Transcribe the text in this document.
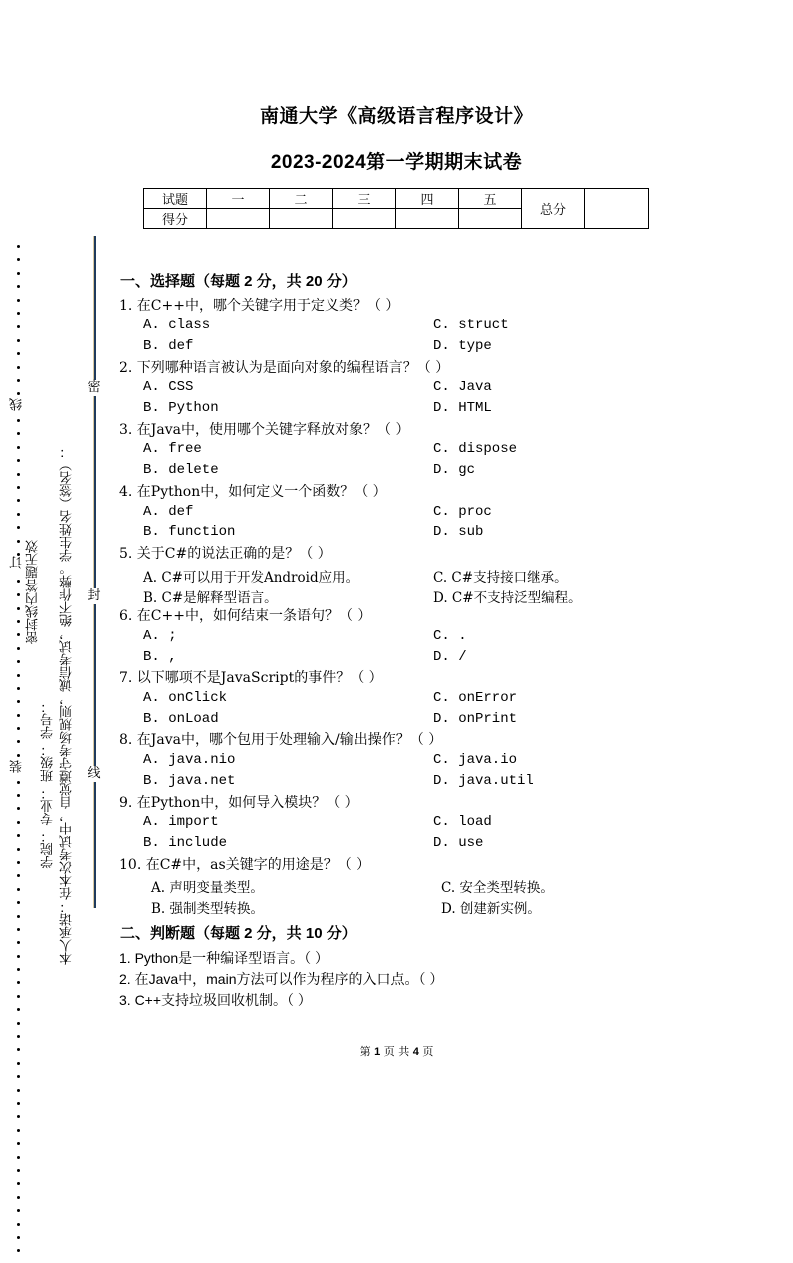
南通大学《高级语言程序设计》
2023-2024第一学期期末试卷
试题	一	二	三	四	五	总分	
得分							
线
订
装
密封线内答题无效
学院： 专业： 班级： 学号： 本人承诺：在本次考试中，自觉遵守考场规则，诚信考试，绝不作弊。学生姓名（签名）：
密
封
线
一、选择题（每题 2 分，共 20 分）
1. 在C++中，哪个关键字用于定义类？（ ）
A. class	C. struct
B. def	D. type
2. 下列哪种语言被认为是面向对象的编程语言？（ ）
A. CSS	C. Java
B. Python	D. HTML
3. 在Java中，使用哪个关键字释放对象？（ ）
A. free	C. dispose
B. delete	D. gc
4. 在Python中，如何定义一个函数？（ ）
A. def	C. proc
B. function	D. sub
5. 关于C#的说法正确的是？（ ）
A. C#可以用于开发Android应用。	C. C#支持接口继承。
B. C#是解释型语言。	D. C#不支持泛型编程。
6. 在C++中，如何结束一条语句？（ ）
A. ;	C. .
B. ,	D. /
7. 以下哪项不是JavaScript的事件？（ ）
A. onClick	C. onError
B. onLoad	D. onPrint
8. 在Java中，哪个包用于处理输入/输出操作？（ ）
A. java.nio	C. java.io
B. java.net	D. java.util
9. 在Python中，如何导入模块？（ ）
A. import	C. load
B. include	D. use
10. 在C#中，as关键字的用途是？（ ）
A. 声明变量类型。	C. 安全类型转换。
B. 强制类型转换。	D. 创建新实例。
二、判断题（每题 2 分，共 10 分）
1. Python是一种编译型语言。（ ）
2. 在Java中，main方法可以作为程序的入口点。（ ）
3. C++支持垃圾回收机制。（ ）
第 1 页 共 4 页
